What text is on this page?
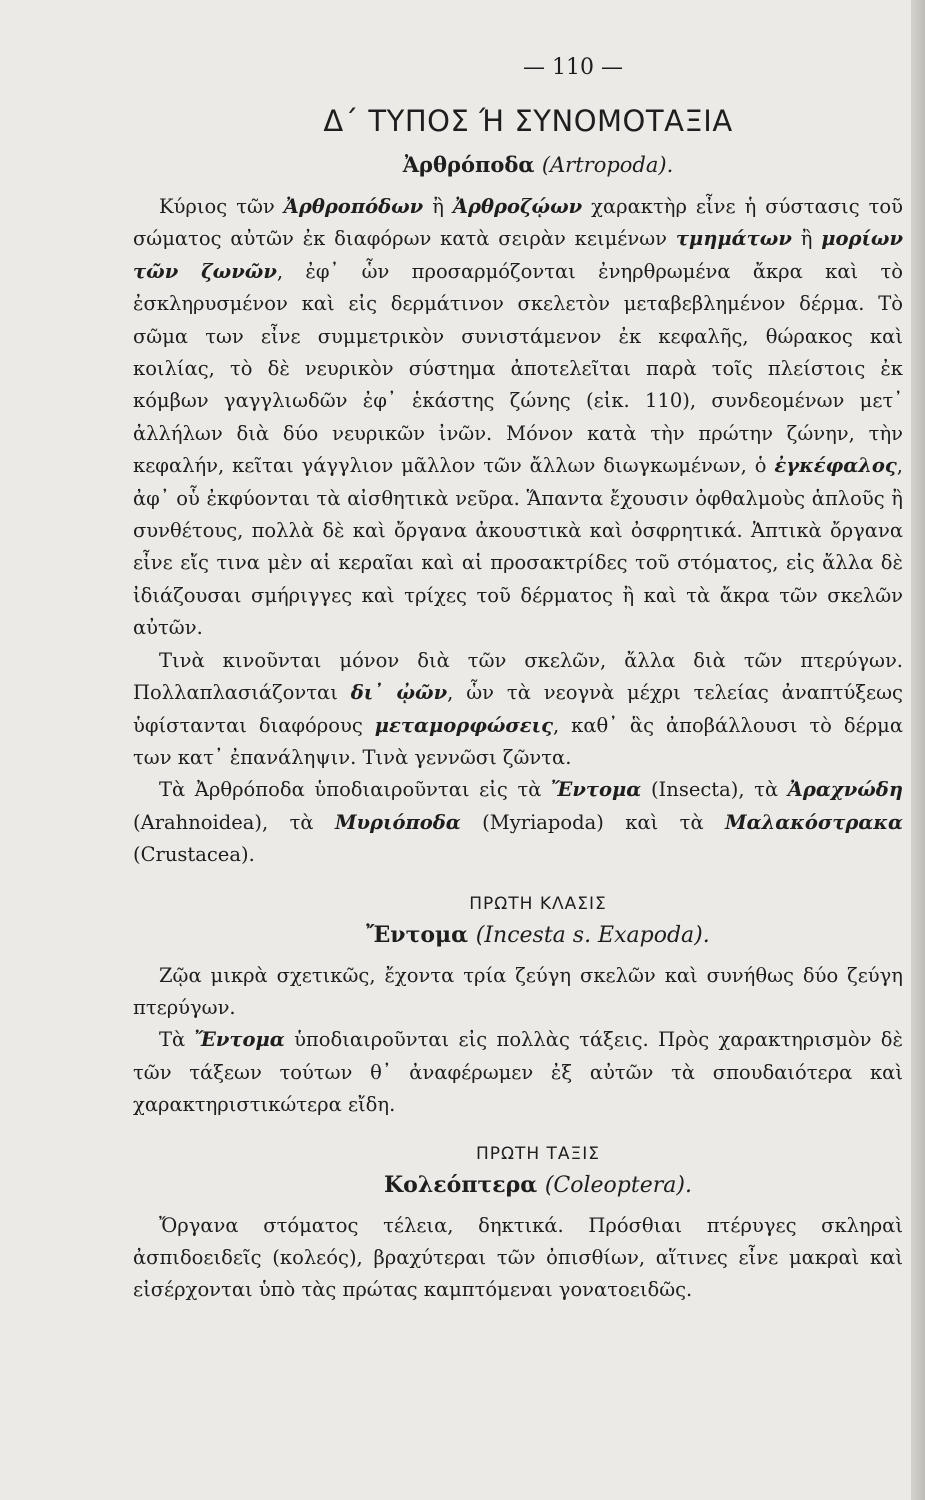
— 110 —
Δ΄ ΤΥΠΟΣ Ή ΣΥΝΟΜΟΤΑΞΙΑ
Ἀρθρόποδα (Artropoda).

Κύριος τῶν Ἀρθροπόδων ἢ Ἀρθροζῴων χαρακτὴρ εἶνε ἡ σύστασις τοῦ σώματος αὐτῶν ἐκ διαφόρων κατὰ σειρὰν κειμένων τμημάτων ἢ μορίων τῶν ζωνῶν, ἐφ᾿ ὧν προσαρμόζονται ἐνηρθρωμένα ἄκρα καὶ τὸ ἐσκληρυσμένον καὶ εἰς δερμάτινον σκελετὸν μεταβεβλημένον δέρμα. Τὸ σῶμα των εἶνε συμμετρικὸν συνιστάμενον ἐκ κεφαλῆς, θώρακος καὶ κοιλίας, τὸ δὲ νευρικὸν σύστημα ἀποτελεῖται παρὰ τοῖς πλείστοις ἐκ κόμβων γαγγλιωδῶν ἐφ᾿ ἑκάστης ζώνης (εἰκ. 110), συνδεομένων μετ᾿ ἀλλήλων διὰ δύο νευρικῶν ἰνῶν. Μόνον κατὰ τὴν πρώτην ζώνην, τὴν κεφαλήν, κεῖται γάγγλιον μᾶλλον τῶν ἄλλων διωγκωμένων, ὁ ἐγκέφαλος, ἀφ᾿ οὗ ἐκφύονται τὰ αἰσθητικὰ νεῦρα. Ἅπαντα ἔχουσιν ὀφθαλμοὺς ἁπλοῦς ἢ συνθέτους, πολλὰ δὲ καὶ ὄργανα ἀκουστικὰ καὶ ὀσφρητικά. Ἁπτικὰ ὄργανα εἶνε εἴς τινα μὲν αἱ κεραῖαι καὶ αἱ προσακτρίδες τοῦ στόματος, εἰς ἄλλα δὲ ἰδιάζουσαι σμήριγγες καὶ τρίχες τοῦ δέρματος ἢ καὶ τὰ ἄκρα τῶν σκελῶν αὐτῶν.

Τινὰ κινοῦνται μόνον διὰ τῶν σκελῶν, ἄλλα διὰ τῶν πτερύγων. Πολλαπλασιάζονται δι᾿ ᾠῶν, ὧν τὰ νεογνὰ μέχρι τελείας ἀναπτύξεως ὑφίστανται διαφόρους μεταμορφώσεις, καθ᾿ ἃς ἀποβάλλουσι τὸ δέρμα των κατ᾿ ἐπανάληψιν. Τινὰ γεννῶσι ζῶντα.

Τὰ Ἀρθρόποδα ὑποδιαιροῦνται εἰς τὰ Ἔντομα (Insecta), τὰ Ἀραχνώδη (Arahnoidea), τὰ Μυριόποδα (Myriapoda) καὶ τὰ Μαλακόστρακα (Crustacea).

ΠΡΩΤΗ ΚΛΑΣΙΣ
Ἔντομα (Incesta s. Exapoda).

Ζῷα μικρὰ σχετικῶς, ἔχοντα τρία ζεύγη σκελῶν καὶ συνήθως δύο ζεύγη πτερύγων.

Τὰ Ἔντομα ὑποδιαιροῦνται εἰς πολλὰς τάξεις. Πρὸς χαρακτηρισμὸν δὲ τῶν τάξεων τούτων θ᾿ ἀναφέρωμεν ἐξ αὐτῶν τὰ σπουδαιότερα καὶ χαρακτηριστικώτερα εἴδη.

ΠΡΩΤΗ ΤΑΞΙΣ
Κολεόπτερα (Coleoptera).

Ὄργανα στόματος τέλεια, δηκτικά. Πρόσθιαι πτέρυγες σκληραὶ ἀσπιδοειδεῖς (κολεός), βραχύτεραι τῶν ὀπισθίων, αἵτινες εἶνε μακραὶ καὶ εἰσέρχονται ὑπὸ τὰς πρώτας καμπτόμεναι γονατοειδῶς.
